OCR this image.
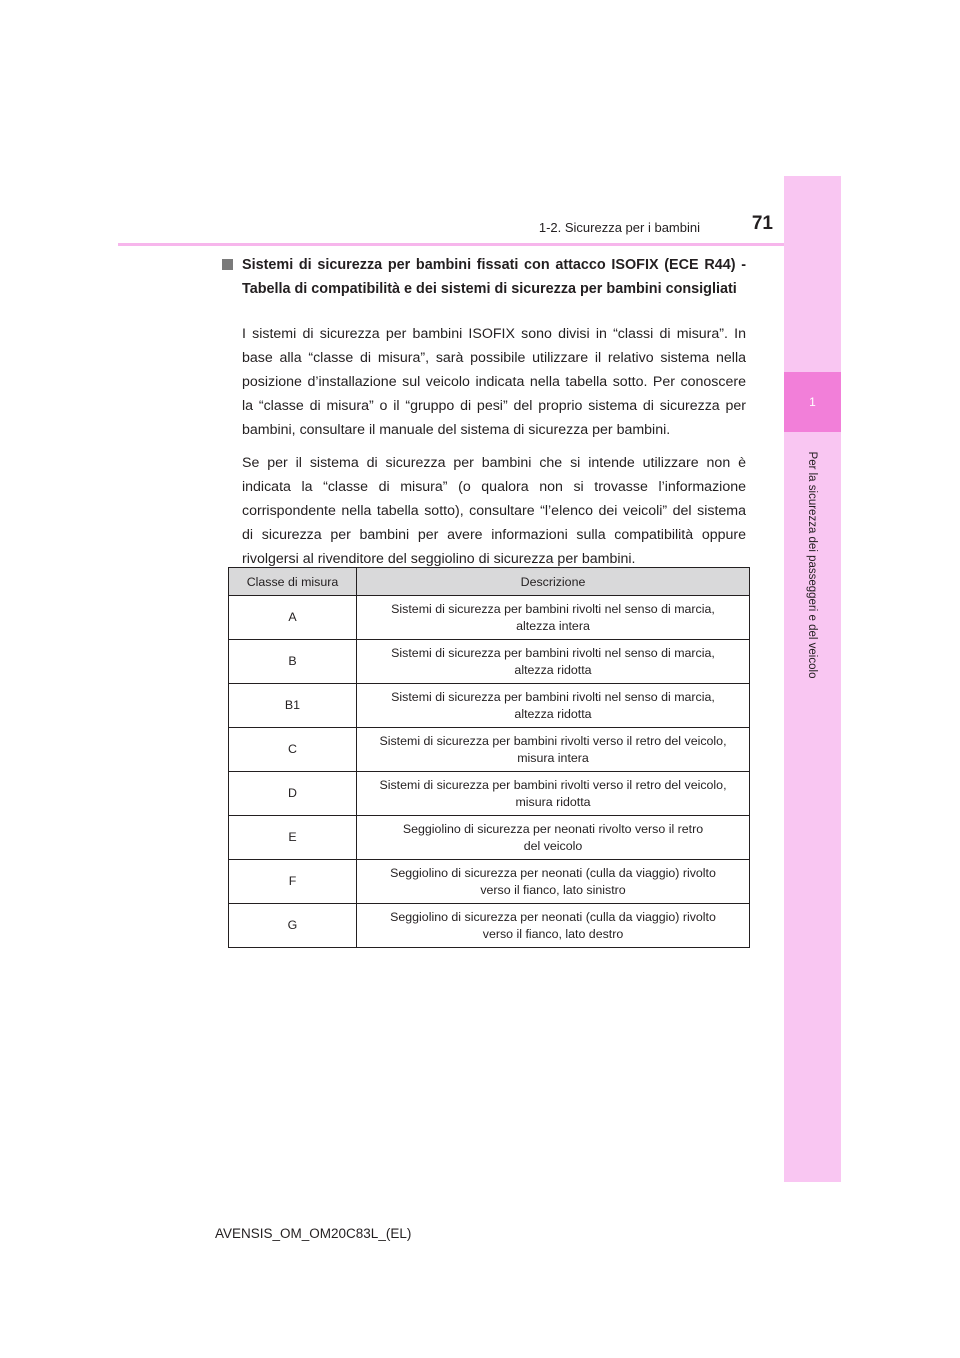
1-2. Sicurezza per i bambini	71
1
Per la sicurezza dei passeggeri e del veicolo
Sistemi di sicurezza per bambini fissati con attacco ISOFIX (ECE R44) - Tabella di compatibilità e dei sistemi di sicurezza per bambini consigliati

I sistemi di sicurezza per bambini ISOFIX sono divisi in “classi di misura”. In base alla “classe di misura”, sarà possibile utilizzare il relativo sistema nella posizione d’installazione sul veicolo indicata nella tabella sotto. Per conoscere la “classe di misura” o il “gruppo di pesi” del proprio sistema di sicurezza per bambini, consultare il manuale del sistema di sicurezza per bambini.

Se per il sistema di sicurezza per bambini che si intende utilizzare non è indicata la “classe di misura” (o qualora non si trovasse l’informazione corrispondente nella tabella sotto), consultare “l’elenco dei veicoli” del sistema di sicurezza per bambini per avere informazioni sulla compatibilità oppure rivolgersi al rivenditore del seggiolino di sicurezza per bambini.

Classe di misura	Descrizione
A	Sistemi di sicurezza per bambini rivolti nel senso di marcia,
altezza intera
B	Sistemi di sicurezza per bambini rivolti nel senso di marcia,
altezza ridotta
B1	Sistemi di sicurezza per bambini rivolti nel senso di marcia,
altezza ridotta
C	Sistemi di sicurezza per bambini rivolti verso il retro del veicolo,
misura intera
D	Sistemi di sicurezza per bambini rivolti verso il retro del veicolo,
misura ridotta
E	Seggiolino di sicurezza per neonati rivolto verso il retro
del veicolo
F	Seggiolino di sicurezza per neonati (culla da viaggio) rivolto
verso il fianco, lato sinistro
G	Seggiolino di sicurezza per neonati (culla da viaggio) rivolto
verso il fianco, lato destro
AVENSIS_OM_OM20C83L_(EL)
